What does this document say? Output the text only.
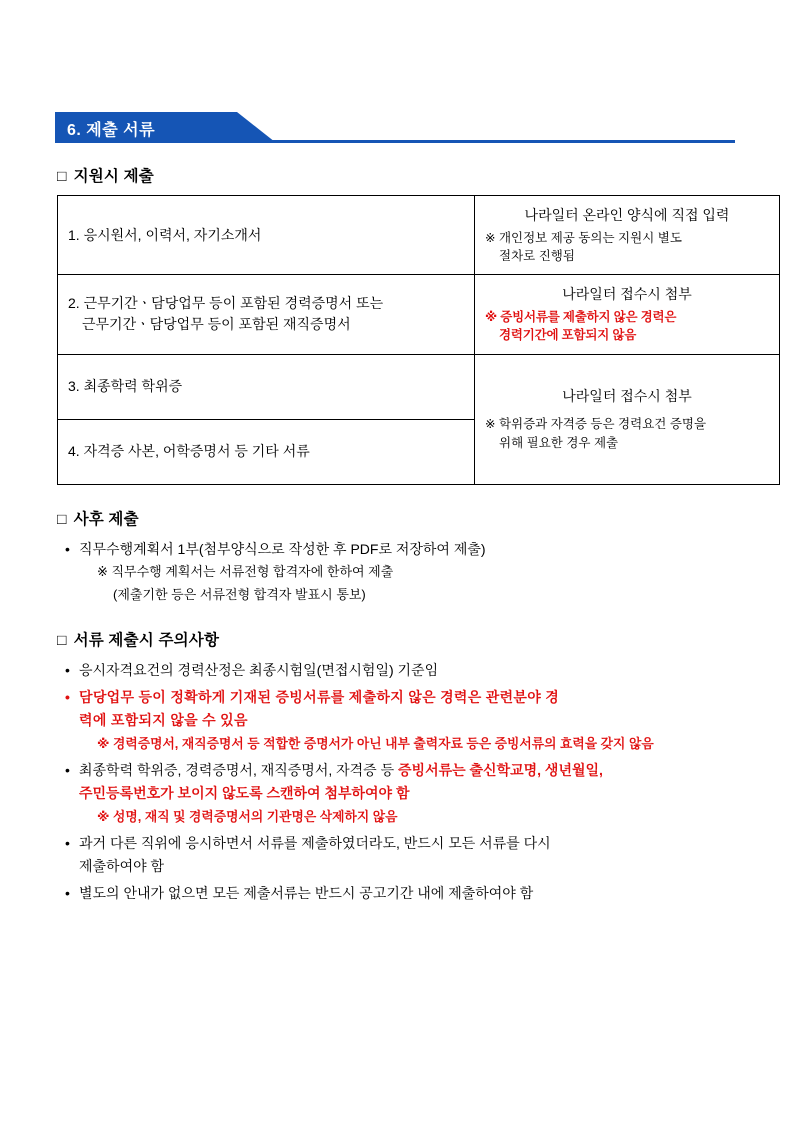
6. 제출 서류
□ 지원시 제출
1. 응시원서, 이력서, 자기소개서	나라일터 온라인 양식에 직접 입력
※ 개인정보 제공 동의는 지원시 별도
절차로 진행됨

2. 근무기간ㆍ담당업무 등이 포함된 경력증명서 또는
근무기간ㆍ담당업무 등이 포함된 재직증명서	나라일터 접수시 첨부
※ 증빙서류를 제출하지 않은 경력은
경력기간에 포함되지 않음

3. 최종학력 학위증	나라일터 접수시 첨부
※ 학위증과 자격증 등은 경력요건 증명을
위해 필요한 경우 제출

4. 자격증 사본, 어학증명서 등 기타 서류	
□ 사후 제출
• 직무수행계획서 1부(첨부양식으로 작성한 후 PDF로 저장하여 제출)
※ 직무수행 계획서는 서류전형 합격자에 한하여 제출
(제출기한 등은 서류전형 합격자 발표시 통보)
□ 서류 제출시 주의사항
• 응시자격요건의 경력산정은 최종시험일(면접시험일) 기준임
• 담당업무 등이 정확하게 기재된 증빙서류를 제출하지 않은 경력은 관련분야 경
력에 포함되지 않을 수 있음
※ 경력증명서, 재직증명서 등 적합한 증명서가 아닌 내부 출력자료 등은 증빙서류의 효력을 갖지 않음
• 최종학력 학위증, 경력증명서, 재직증명서, 자격증 등 증빙서류는 출신학교명, 생년월일,
주민등록번호가 보이지 않도록 스캔하여 첨부하여야 함
※ 성명, 재직 및 경력증명서의 기관명은 삭제하지 않음
• 과거 다른 직위에 응시하면서 서류를 제출하였더라도, 반드시 모든 서류를 다시
제출하여야 함
• 별도의 안내가 없으면 모든 제출서류는 반드시 공고기간 내에 제출하여야 함
